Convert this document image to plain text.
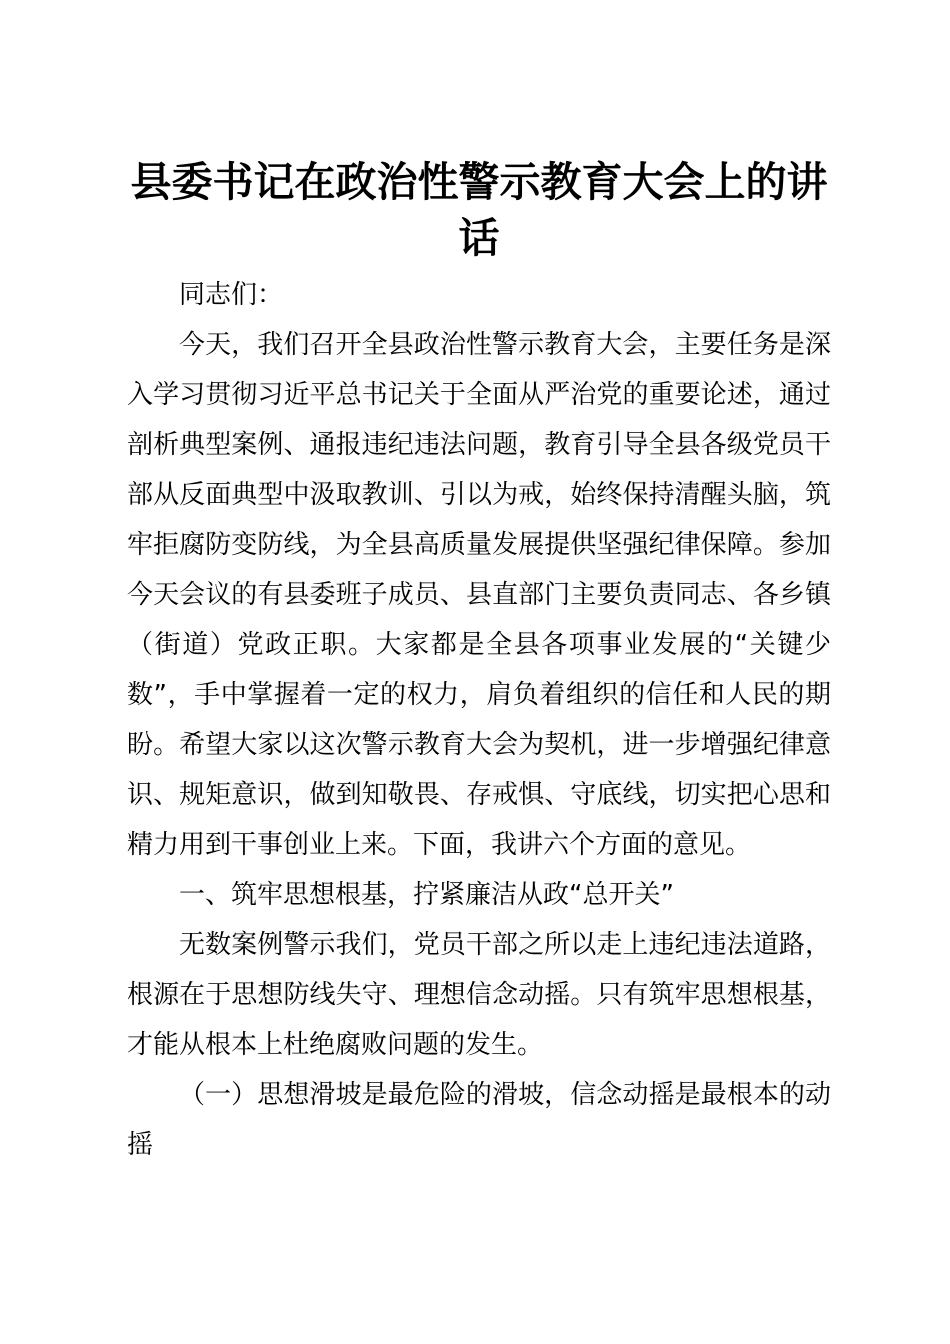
县委书记在政治性警示教育大会上的讲话

同志们：

今天，我们召开全县政治性警示教育大会，主要任务是深入学习贯彻习近平总书记关于全面从严治党的重要论述，通过剖析典型案例、通报违纪违法问题，教育引导全县各级党员干部从反面典型中汲取教训、引以为戒，始终保持清醒头脑，筑牢拒腐防变防线，为全县高质量发展提供坚强纪律保障。参加今天会议的有县委班子成员、县直部门主要负责同志、各乡镇（街道）党政正职。大家都是全县各项事业发展的“关键少数”，手中掌握着一定的权力，肩负着组织的信任和人民的期盼。希望大家以这次警示教育大会为契机，进一步增强纪律意识、规矩意识，做到知敬畏、存戒惧、守底线，切实把心思和精力用到干事创业上来。下面，我讲六个方面的意见。

一、筑牢思想根基，拧紧廉洁从政“总开关”

无数案例警示我们，党员干部之所以走上违纪违法道路，根源在于思想防线失守、理想信念动摇。只有筑牢思想根基，才能从根本上杜绝腐败问题的发生。

（一）思想滑坡是最危险的滑坡，信念动摇是最根本的动摇
